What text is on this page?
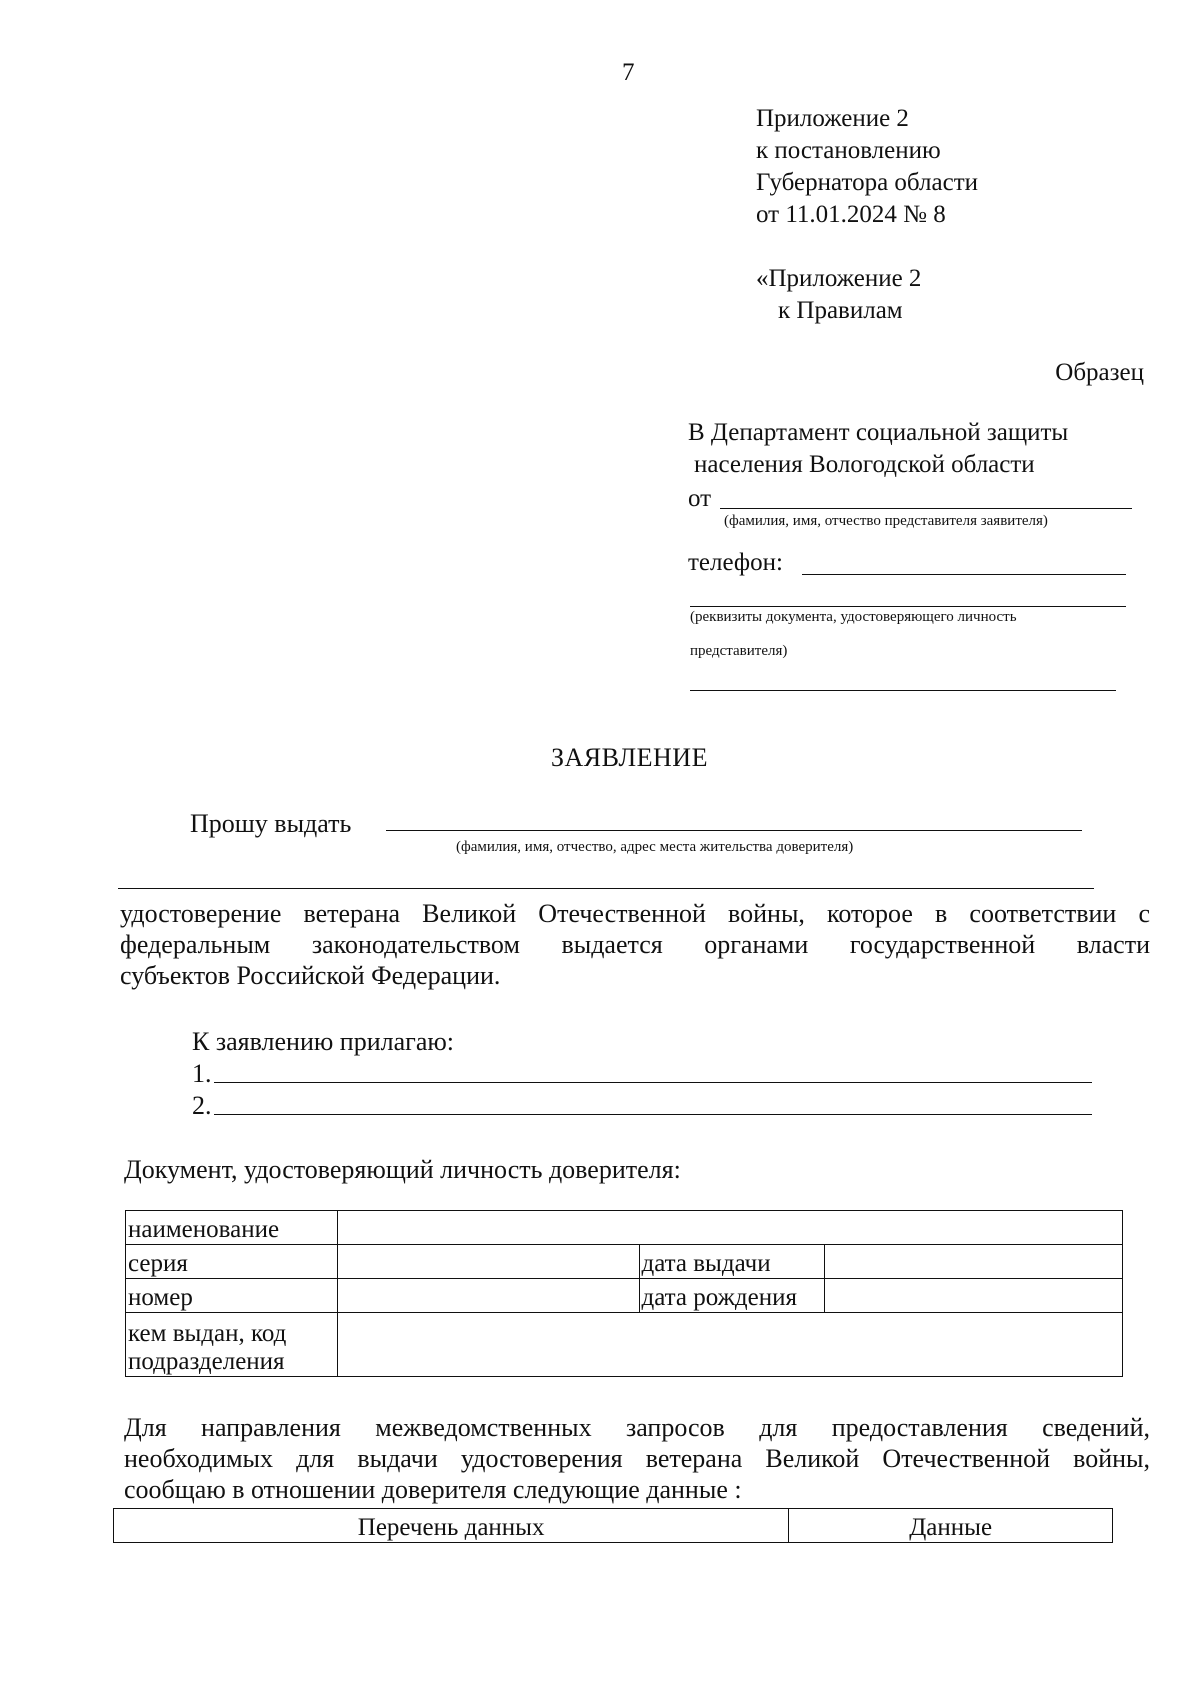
7
Приложение 2
к постановлению
Губернатора области
от 11.01.2024 № 8
«Приложение 2
к Правилам
Образец
В Департамент социальной защиты
населения Вологодской области
от
(фамилия, имя, отчество представителя заявителя)
телефон:
(реквизиты документа, удостоверяющего личность
представителя)
ЗАЯВЛЕНИЕ
Прошу выдать
(фамилия, имя, отчество, адрес места жительства доверителя)
удостоверение ветерана Великой Отечественной войны, которое в соответствии с
федеральным законодательством выдается органами государственной власти
субъектов Российской Федерации.
К заявлению прилагаю:
1.
2.
Документ, удостоверяющий личность доверителя:
наименование			
серия		дата выдачи	
номер		дата рождения	

кем выдан, код
подразделения			

Для направления межведомственных запросов для предоставления сведений,
необходимых для выдачи удостоверения ветерана Великой Отечественной войны,
сообщаю в отношении доверителя следующие данные :
Перечень данных	Данные
